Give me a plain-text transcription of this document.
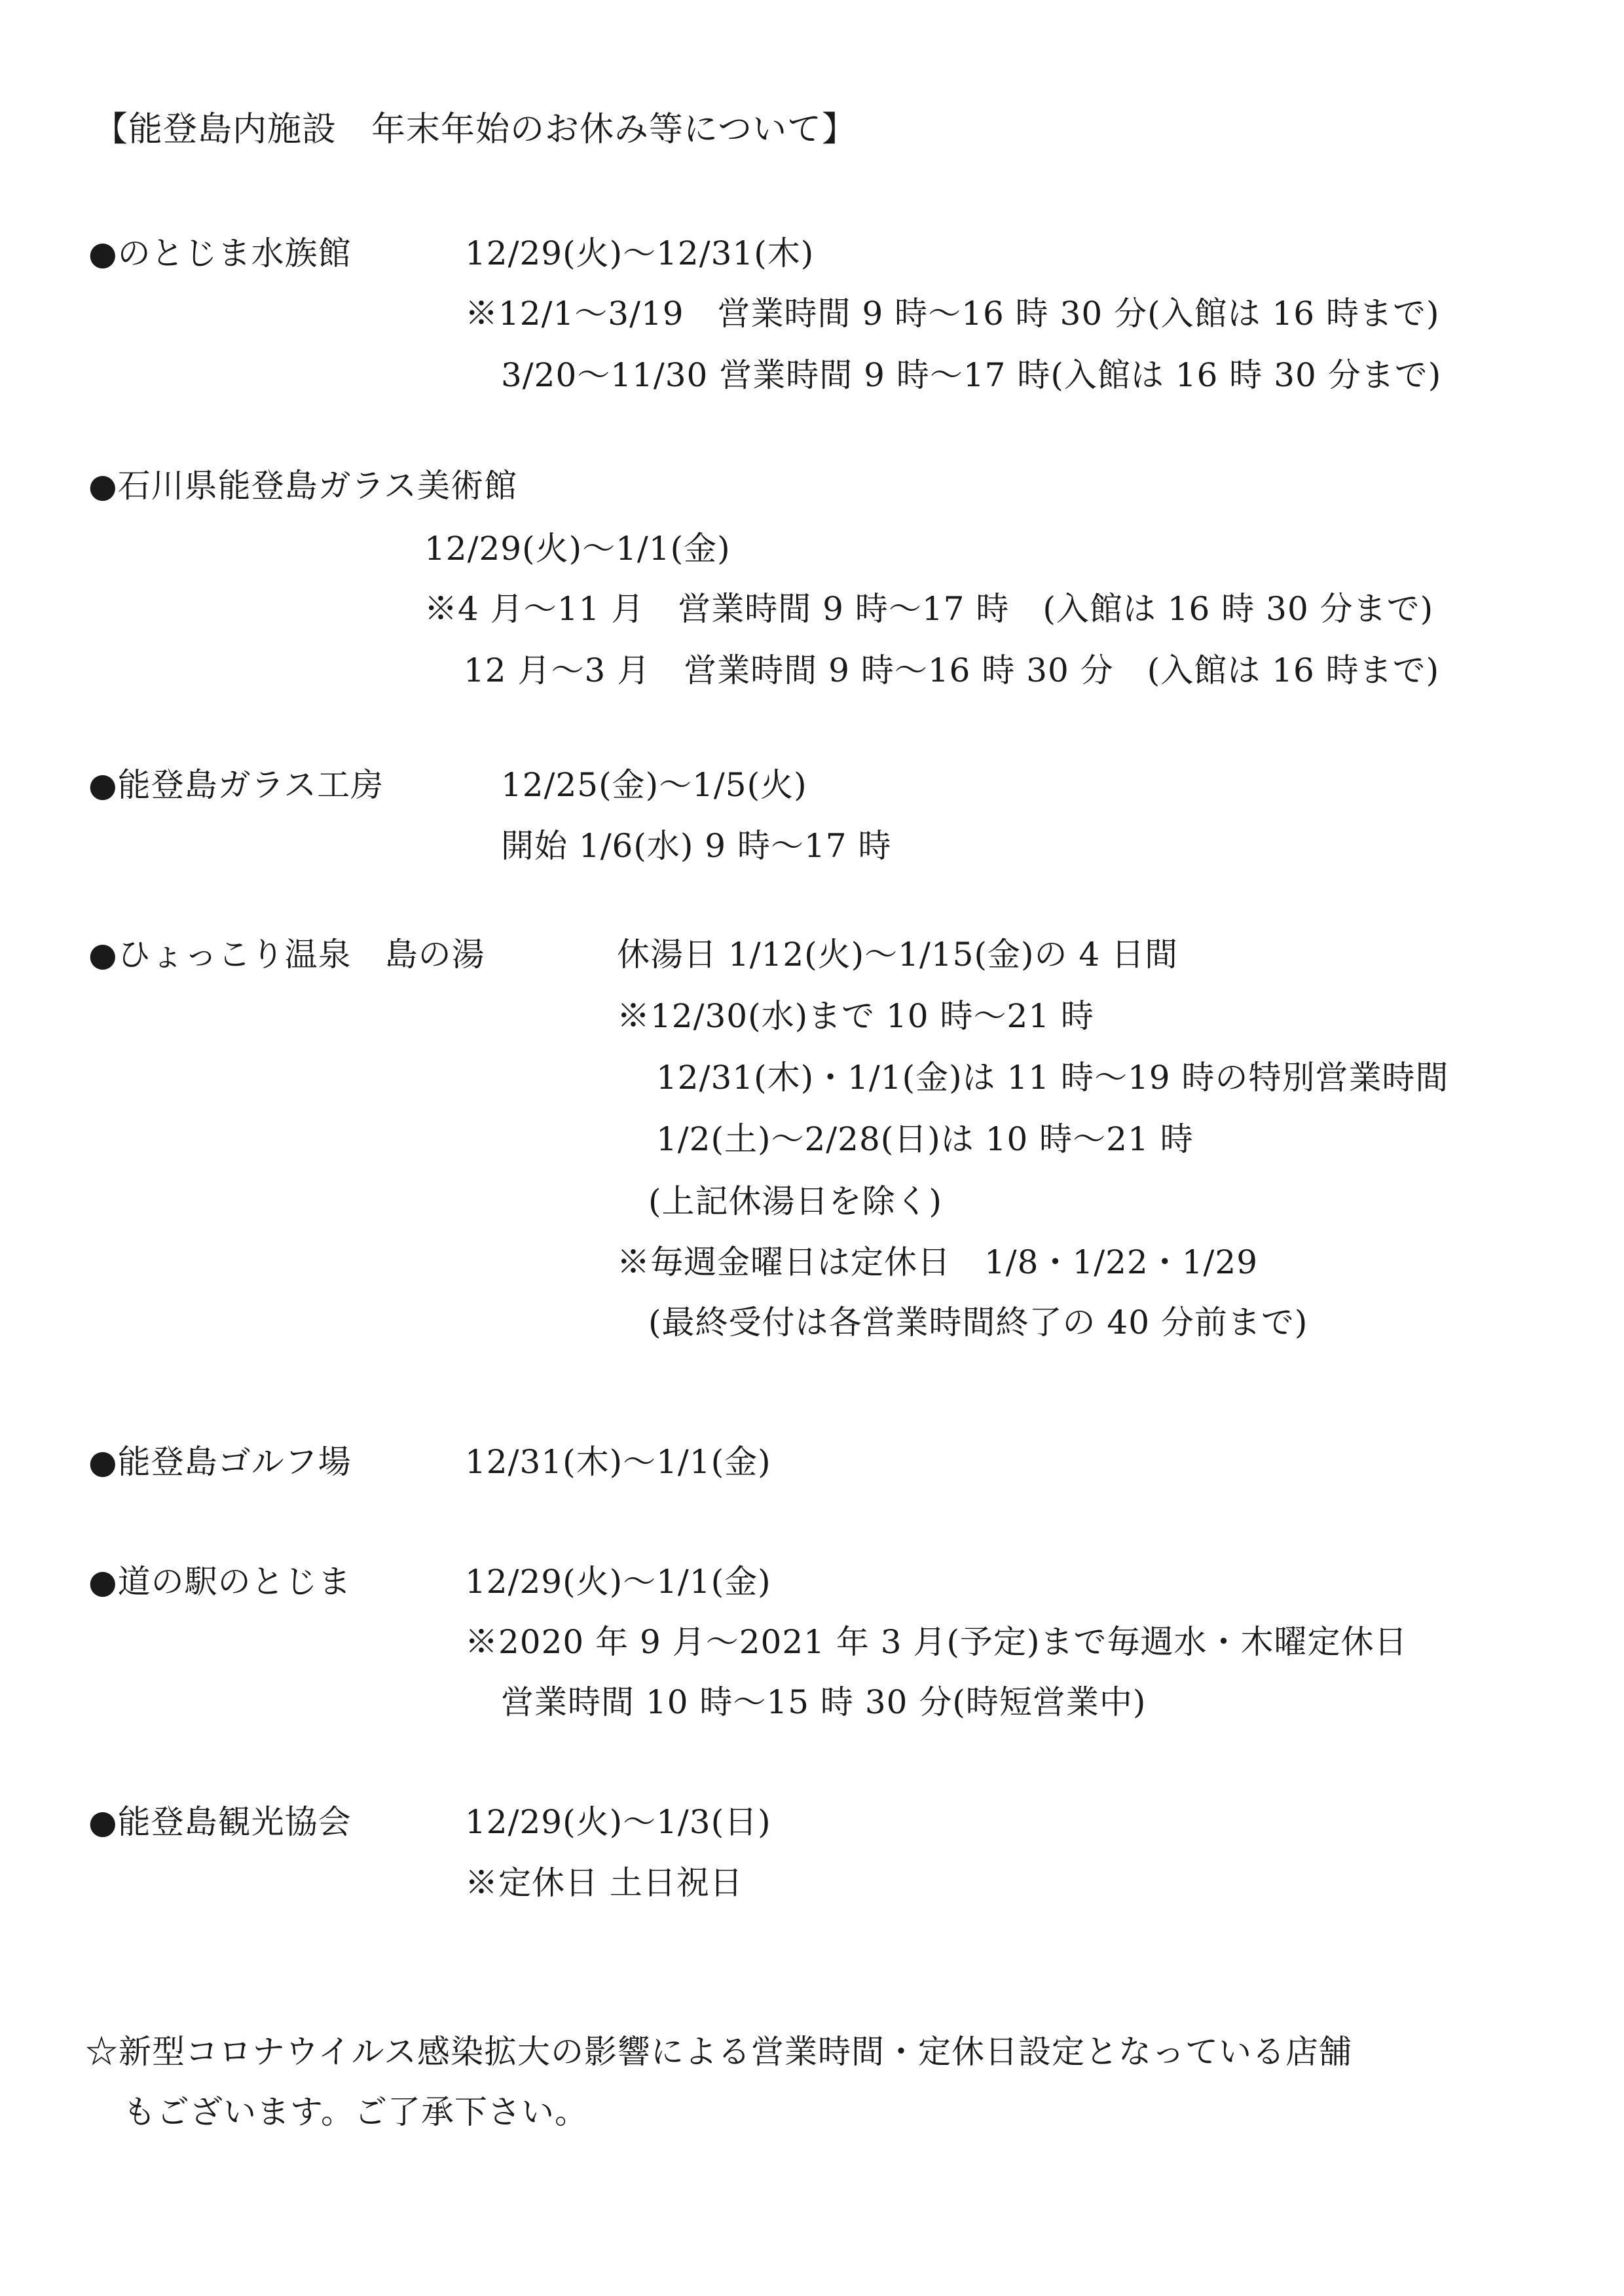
【能登島内施設　年末年始のお休み等について】
●のとじま水族館	12/29(火)〜12/31(木)
※12/1〜3/19　営業時間 9 時〜16 時 30 分(入館は 16 時まで)
3/20〜11/30 営業時間 9 時〜17 時(入館は 16 時 30 分まで)
●石川県能登島ガラス美術館
12/29(火)〜1/1(金)
※4 月〜11 月　営業時間 9 時〜17 時　(入館は 16 時 30 分まで)
12 月〜3 月　営業時間 9 時〜16 時 30 分　(入館は 16 時まで)
●能登島ガラス工房	12/25(金)〜1/5(火)
開始 1/6(水) 9 時〜17 時
●ひょっこり温泉　島の湯	休湯日 1/12(火)〜1/15(金)の 4 日間
※12/30(水)まで 10 時〜21 時
12/31(木)・1/1(金)は 11 時〜19 時の特別営業時間
1/2(土)〜2/28(日)は 10 時〜21 時
(上記休湯日を除く)
※毎週金曜日は定休日　1/8・1/22・1/29
(最終受付は各営業時間終了の 40 分前まで)
●能登島ゴルフ場	12/31(木)〜1/1(金)
●道の駅のとじま	12/29(火)〜1/1(金)
※2020 年 9 月〜2021 年 3 月(予定)まで毎週水・木曜定休日
営業時間 10 時〜15 時 30 分(時短営業中)
●能登島観光協会	12/29(火)〜1/3(日)
※定休日 土日祝日
☆新型コロナウイルス感染拡大の影響による営業時間・定休日設定となっている店舗
もございます。ご了承下さい。
